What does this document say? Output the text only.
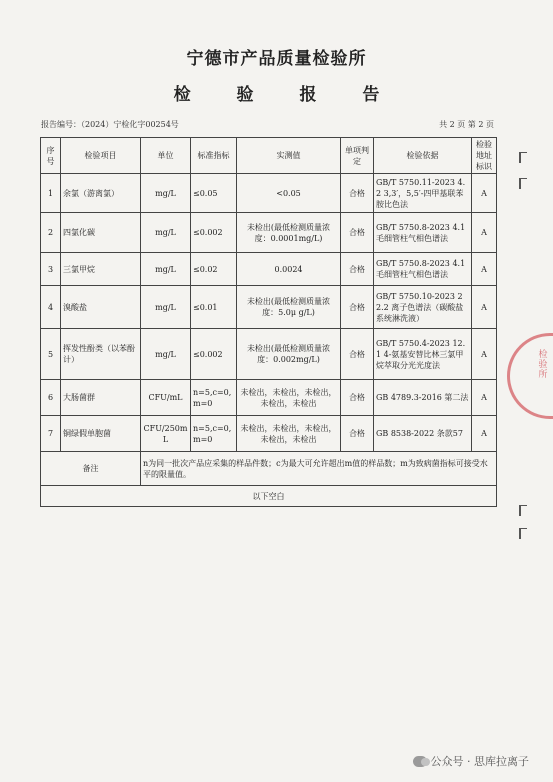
宁德市产品质量检验所
检 验 报 告
报告编号：（2024）宁检化字00254号	共 2 页 第 2 页
序号	检验项目	单位	标准指标	实测值	单项判定	检验依据	检验地址标识
1	余氯（游离氯）	mg/L	≤0.05	<0.05	合格	GB/T 5750.11-2023 4.2 3,3′，5,5′-四甲基联苯胺比色法	A
2	四氯化碳	mg/L	≤0.002	未检出(最低检测质量浓度：0.0001mg/L)	合格	GB/T 5750.8-2023 4.1毛细管柱气相色谱法	A
3	三氯甲烷	mg/L	≤0.02	0.0024	合格	GB/T 5750.8-2023 4.1毛细管柱气相色谱法	A
4	溴酸盐	mg/L	≤0.01	未检出(最低检测质量浓度：5.0μ g/L)	合格	GB/T 5750.10-2023 22.2 离子色谱法（碳酸盐系统淋洗液）	A
5	挥发性酚类（以苯酚计）	mg/L	≤0.002	未检出(最低检测质量浓度：0.002mg/L)	合格	GB/T 5750.4-2023 12.1 4-氨基安替比林三氯甲烷萃取分光光度法	A
6	大肠菌群	CFU/mL	n=5,c=0,m=0	未检出，未检出，未检出，未检出，未检出	合格	GB 4789.3-2016 第二法	A
7	铜绿假单胞菌	CFU/250mL	n=5,c=0,m=0	未检出，未检出，未检出，未检出，未检出	合格	GB 8538-2022 条款57	A
备注		n为同一批次产品应采集的样品件数；c为最大可允许超出m值的样品数；m为致病菌指标可接受水平的限量值。					
以下空白							
检验所
公众号 · 思库拉离子
